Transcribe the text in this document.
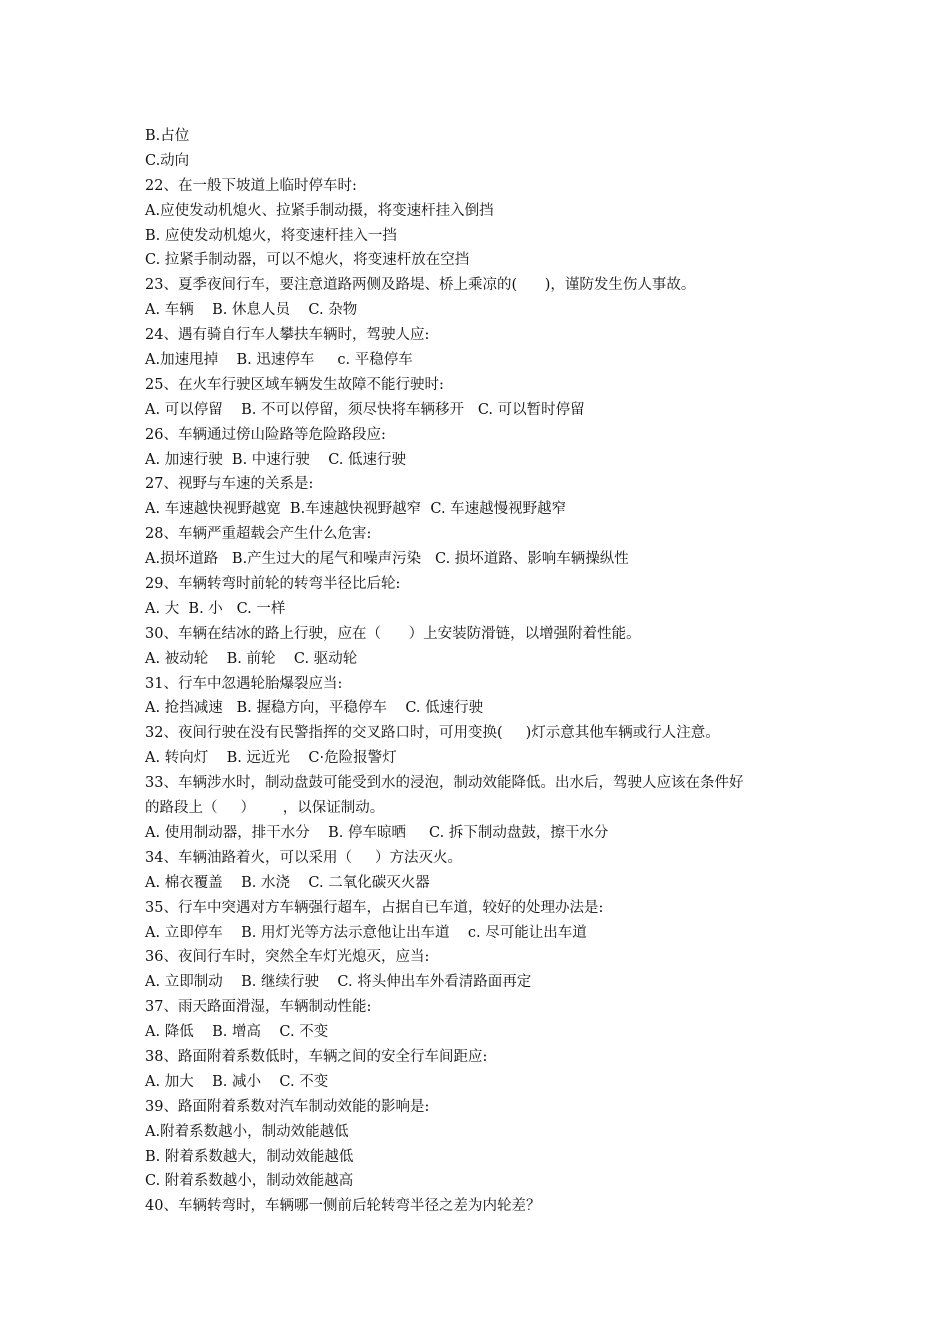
B.占位
C.动向
22、在一般下坡道上临时停车时:
A.应使发动机熄火、拉紧手制动摄，将变速杆挂入倒挡
B. 应使发动机熄火，将变速杆挂入一挡
C. 拉紧手制动器，可以不熄火，将变速杆放在空挡
23、夏季夜间行车，要注意道路两侧及路堤、桥上乘凉的(      )，谨防发生伤人事故。
A. 车辆    B. 休息人员    C. 杂物
24、遇有骑自行车人攀扶车辆时，驾驶人应:
A.加速甩掉    B. 迅速停车     c. 平稳停车
25、在火车行驶区域车辆发生故障不能行驶时:
A. 可以停留    B. 不可以停留，须尽快将车辆移开   C. 可以暂时停留
26、车辆通过傍山险路等危险路段应:
A. 加速行驶  B. 中速行驶    C. 低速行驶
27、视野与车速的关系是:
A. 车速越快视野越宽  B.车速越快视野越窄  C. 车速越慢视野越窄
28、车辆严重超载会产生什么危害:
A.损坏道路   B.产生过大的尾气和噪声污染   C. 损坏道路、影响车辆操纵性
29、车辆转弯时前轮的转弯半径比后轮:
A. 大  B. 小   C. 一样
30、车辆在结冰的路上行驶，应在（      ）上安装防滑链，以增强附着性能。
A. 被动轮    B. 前轮    C. 驱动轮
31、行车中忽遇轮胎爆裂应当:
A. 抢挡减速   B. 握稳方向，平稳停车    C. 低速行驶
32、夜间行驶在没有民警指挥的交叉路口时，可用变换(     )灯示意其他车辆或行人注意。
A. 转向灯    B. 远近光    C·危险报警灯
33、车辆涉水时，制动盘鼓可能受到水的浸泡，制动效能降低。出水后，驾驶人应该在条件好
的路段上（     ）      ，以保证制动。
A. 使用制动器，排干水分    B. 停车晾晒     C. 拆下制动盘鼓，擦干水分
34、车辆油路着火，可以采用（     ）方法灭火。
A. 棉衣覆盖    B. 水浇    C. 二氧化碳灭火器
35、行车中突遇对方车辆强行超车，占据自已车道，较好的处理办法是:
A. 立即停车    B. 用灯光等方法示意他让出车道    c. 尽可能让出车道
36、夜间行车时，突然全车灯光熄灭，应当:
A. 立即制动    B. 继续行驶    C. 将头伸出车外看清路面再定
37、雨天路面滑湿，车辆制动性能:
A. 降低    B. 增高    C. 不变
38、路面附着系数低时，车辆之间的安全行车间距应:
A. 加大    B. 减小    C. 不变
39、路面附着系数对汽车制动效能的影响是:
A.附着系数越小，制动效能越低
B. 附着系数越大，制动效能越低
C. 附着系数越小，制动效能越高
40、车辆转弯时，车辆哪一侧前后轮转弯半径之差为内轮差？
